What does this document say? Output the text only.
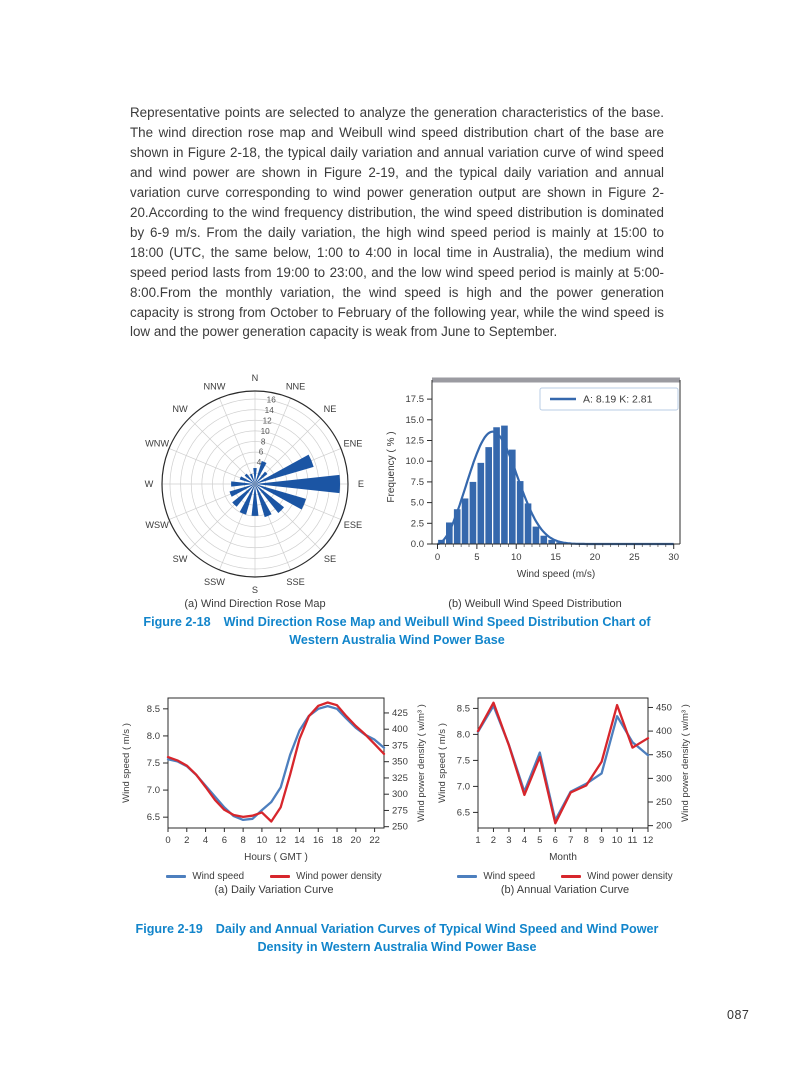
Representative points are selected to analyze the generation characteristics of the base. The wind direction rose map and Weibull wind speed distribution chart of the base are shown in Figure 2-18, the typical daily variation and annual variation curve of wind speed and wind power are shown in Figure 2-19, and the typical daily variation and annual variation curve corresponding to wind power generation output are shown in Figure 2-20.According to the wind frequency distribution, the wind speed distribution is dominated by 6-9 m/s. From the daily variation, the high wind speed period is mainly at 15:00 to 18:00 (UTC, the same below, 1:00 to 4:00 in local time in Australia), the medium wind speed period lasts from 19:00 to 23:00, and the low wind speed period is mainly at 5:00-8:00.From the monthly variation, the wind speed is high and the power generation capacity is strong from October to February of the following year, while the wind speed is low and the power generation capacity is weak from June to September.

N
NNE
NE
ENE
E
ESE
SE
SSE
S
SSW
SW
WSW
W
WNW
NW
NNW
4
6
8
10
12
14
16
(a) Wind Direction Rose Map
0	5	10	15	20	25	30
0.0
2.5
5.0
7.5
10.0
12.5
15.0
17.5
Wind speed (m/s)
Frequency ( % )
A: 8.19 K: 2.81
(b) Weibull Wind Speed Distribution
Figure 2-18 Wind Direction Rose Map and Weibull Wind Speed Distribution Chart of Western Australia Wind Power Base
0 2 4 6 8 10 12 14 16 18 20 22
6.5
7.0
7.5
8.0
8.5
250
275
300
325
350
375
400
425
Hours ( GMT )
Wind speed ( m/s )	Wind power density ( w/m³ )
Wind speed	Wind power density
(a) Daily Variation Curve
1 2 3 4 5 6 7 8 9 10 11 12
6.5
7.0
7.5
8.0
8.5
200
250
300
350
400
450
Month
Wind speed ( m/s )	Wind power density ( w/m³ )
Wind speed	Wind power density
(b) Annual Variation Curve
Figure 2-19 Daily and Annual Variation Curves of Typical Wind Speed and Wind Power Density in Western Australia Wind Power Base
087
